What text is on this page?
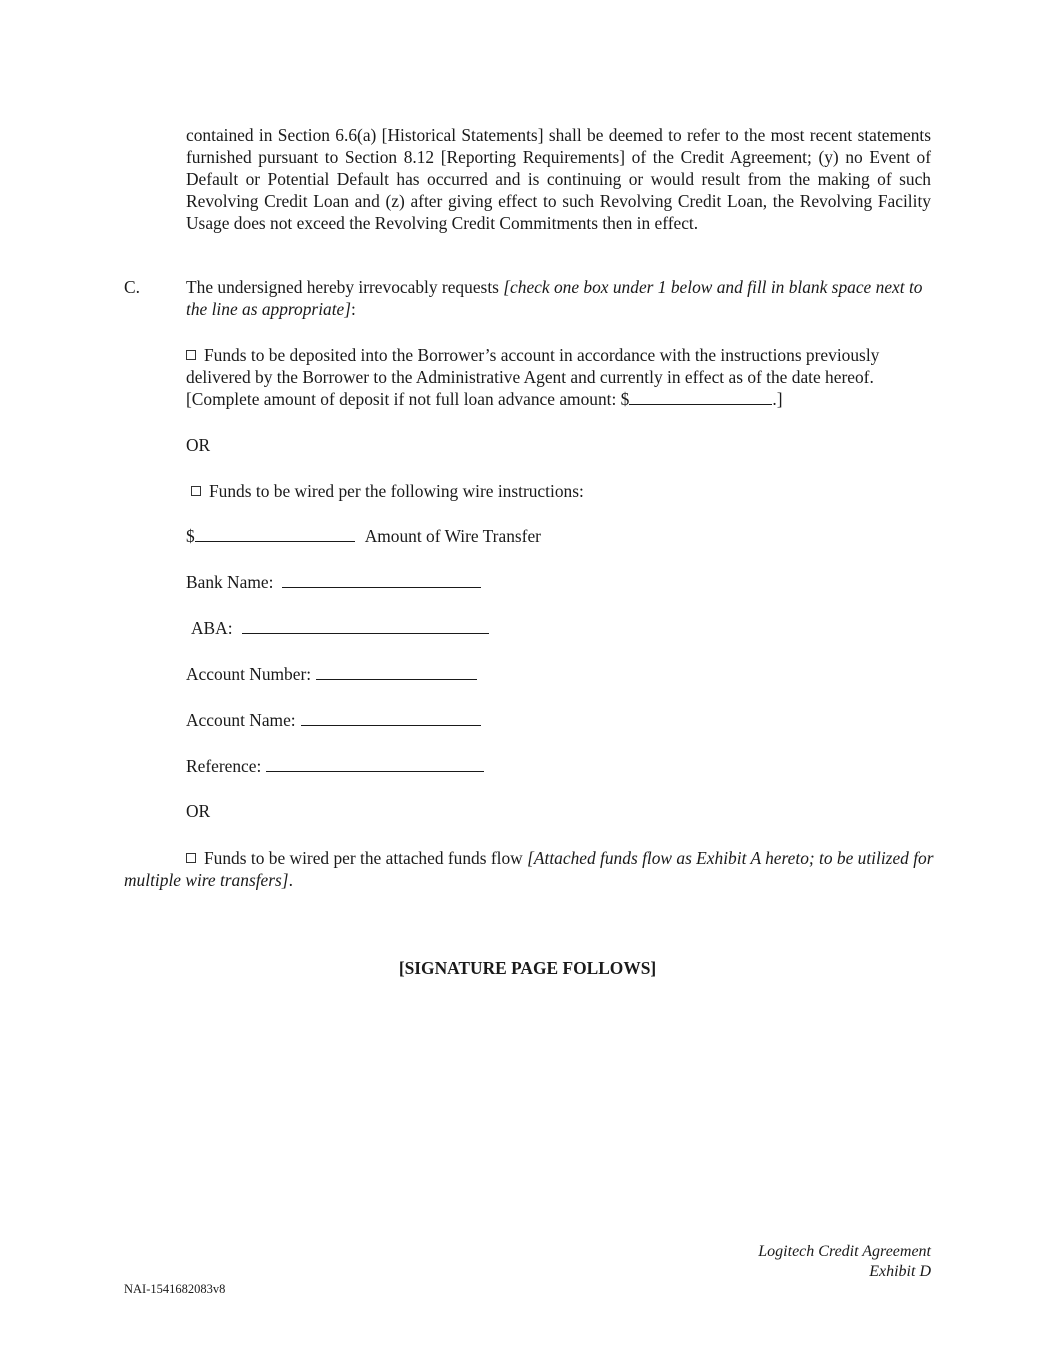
contained in Section 6.6(a) [Historical Statements] shall be deemed to refer to the most recent statements furnished pursuant to Section 8.12 [Reporting Requirements] of the Credit Agreement; (y) no Event of Default or Potential Default has occurred and is continuing or would result from the making of such Revolving Credit Loan and (z) after giving effect to such Revolving Credit Loan, the Revolving Facility Usage does not exceed the Revolving Credit Commitments then in effect.
C.	The undersigned hereby irrevocably requests [check one box under 1 below and fill in blank space next to the line as appropriate]:
Funds to be deposited into the Borrower’s account in accordance with the instructions previously delivered by the Borrower to the Administrative Agent and currently in effect as of the date hereof. [Complete amount of deposit if not full loan advance amount: $	.]
OR
Funds to be wired per the following wire instructions:
$	Amount of Wire Transfer
Bank Name:
ABA:
Account Number:
Account Name:
Reference:
OR
Funds to be wired per the attached funds flow [Attached funds flow as Exhibit A hereto; to be utilized for multiple wire transfers].
[SIGNATURE PAGE FOLLOWS]
Logitech Credit Agreement
Exhibit D
NAI-1541682083v8
